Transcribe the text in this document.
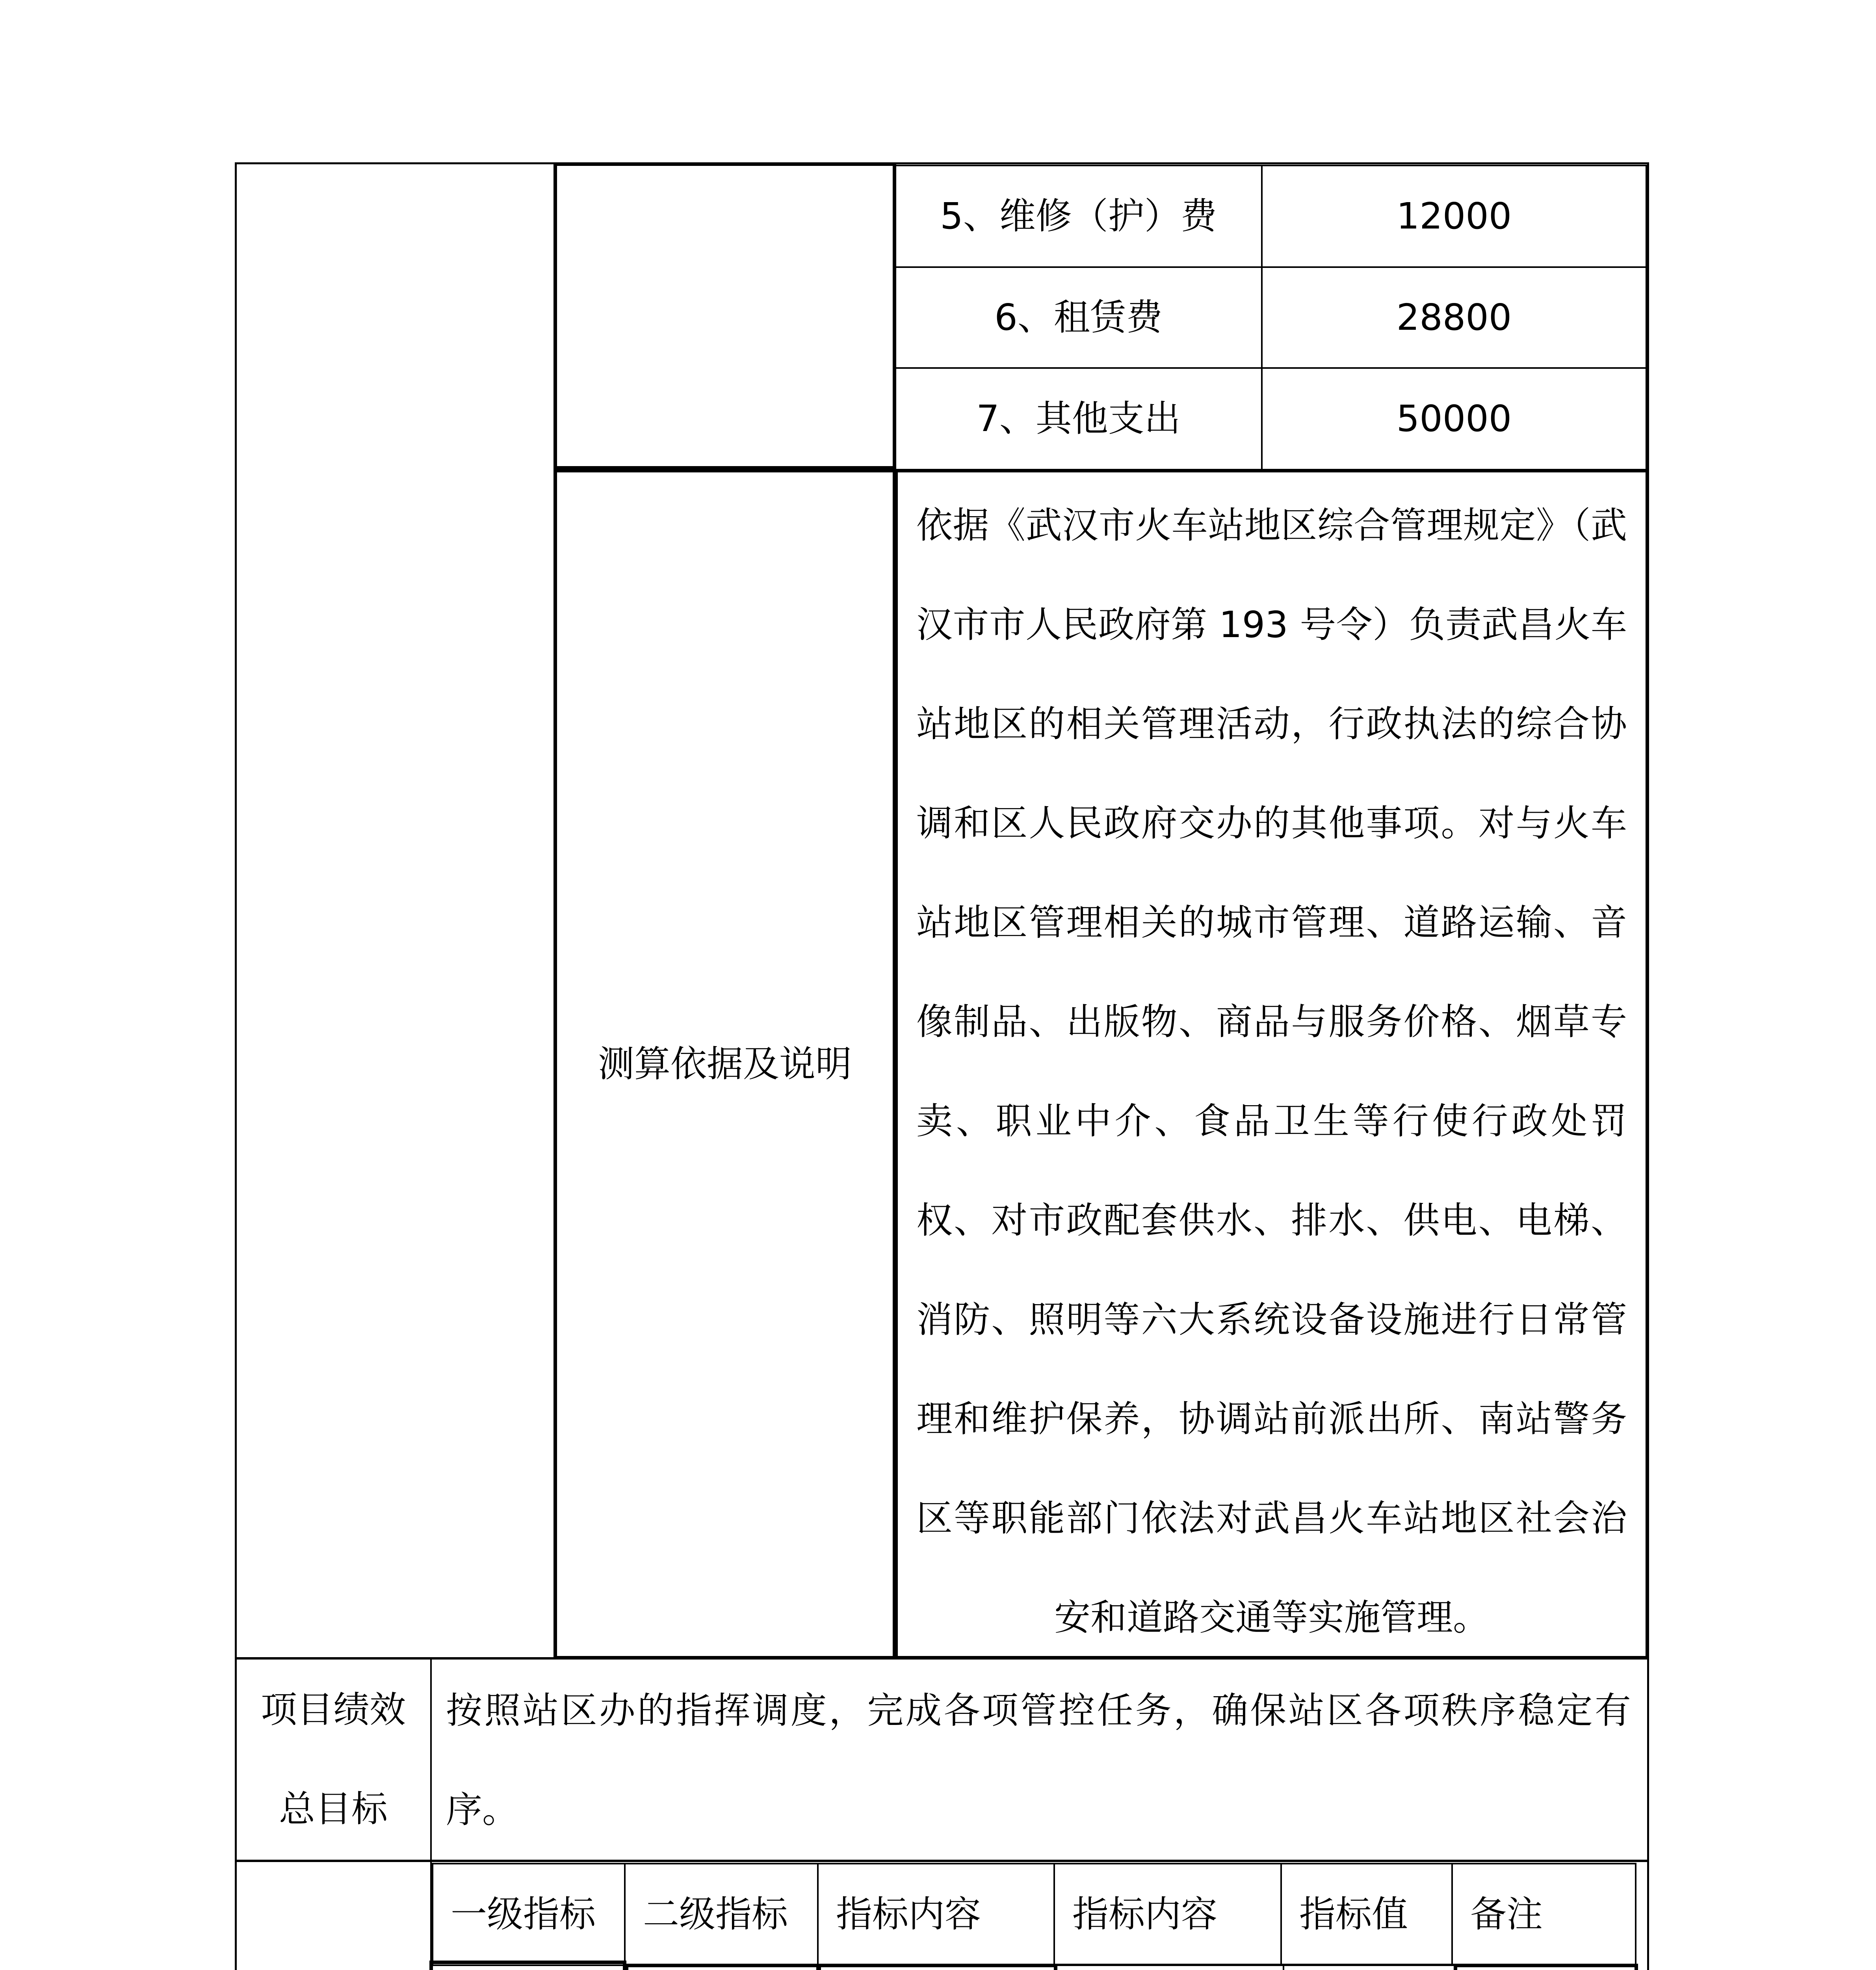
测算依据及说明
5、维修（护）费	12000
6、租赁费	28800
7、其他支出	50000
依据《武汉市火车站地区综合管理规定》（武汉市市人民政府第 193 号令）负责武昌火车站地区的相关管理活动，行政执法的综合协调和区人民政府交办的其他事项。对与火车站地区管理相关的城市管理、道路运输、音像制品、出版物、商品与服务价格、烟草专卖、职业中介、食品卫生等行使行政处罚权、对市政配套供水、排水、供电、电梯、消防、照明等六大系统设备设施进行日常管理和维护保养，协调站前派出所、南站警务区等职能部门依法对武昌火车站地区社会治安和道路交通等实施管理。
项目绩效
总目标
按照站区办的指挥调度，完成各项管控任务，确保站区各项秩序稳定有序。
一级指标 二级指标 指标内容	指标内容 指标值 备注
